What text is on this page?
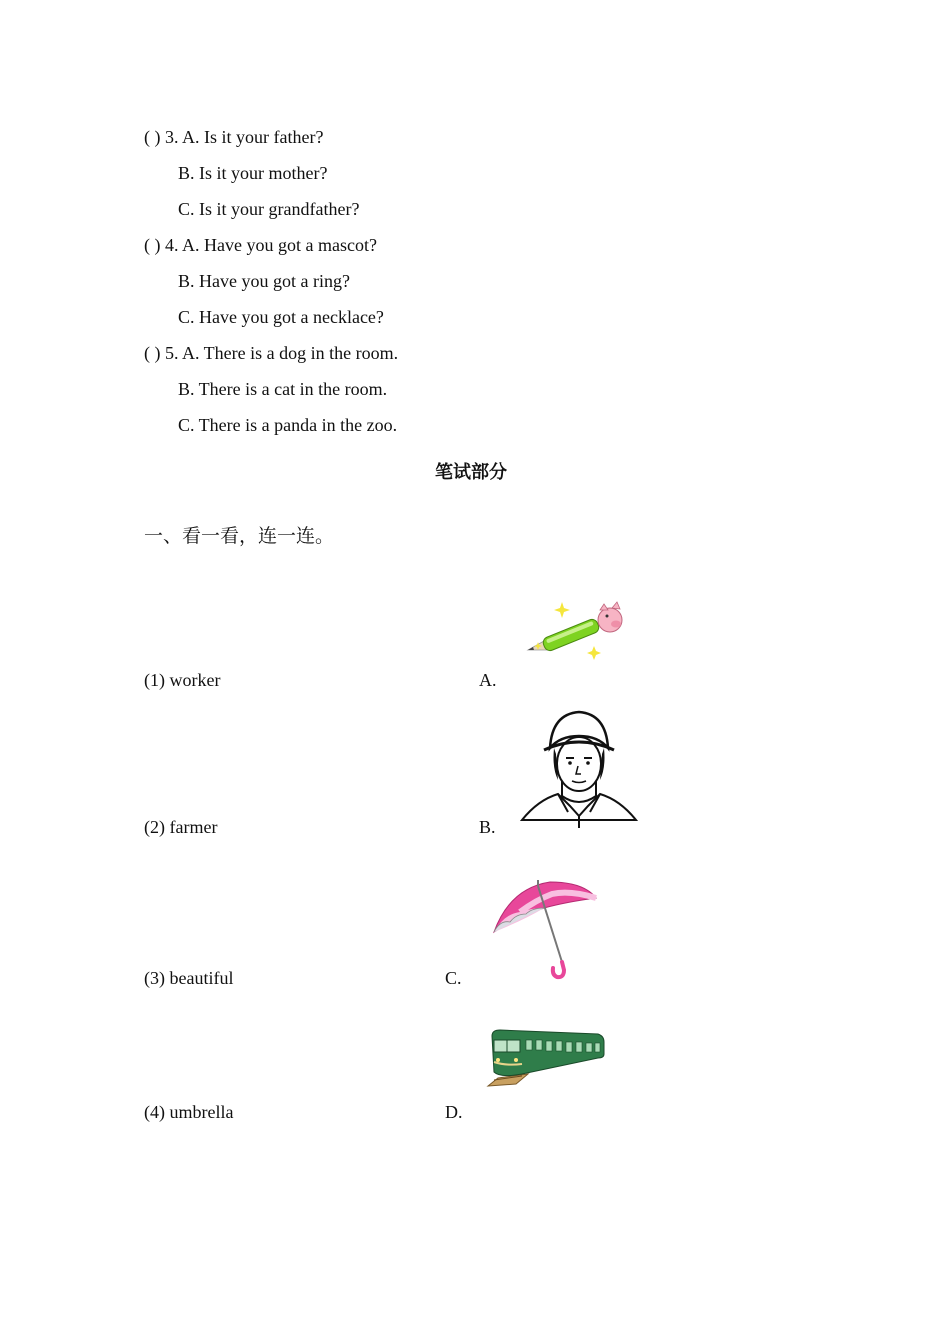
( ) 3. A. Is it your father?
B. Is it your mother?
C. Is it your grandfather?
( ) 4. A. Have you got a mascot?
B. Have you got a ring?
C. Have you got a necklace?
( ) 5. A. There is a dog in the room.
B. There is a cat in the room.
C. There is a panda in the zoo.
笔试部分
一、看一看，连一连。
(1) worker
(2) farmer
(3) beautiful
(4) umbrella
A.
B.
C.
D.
